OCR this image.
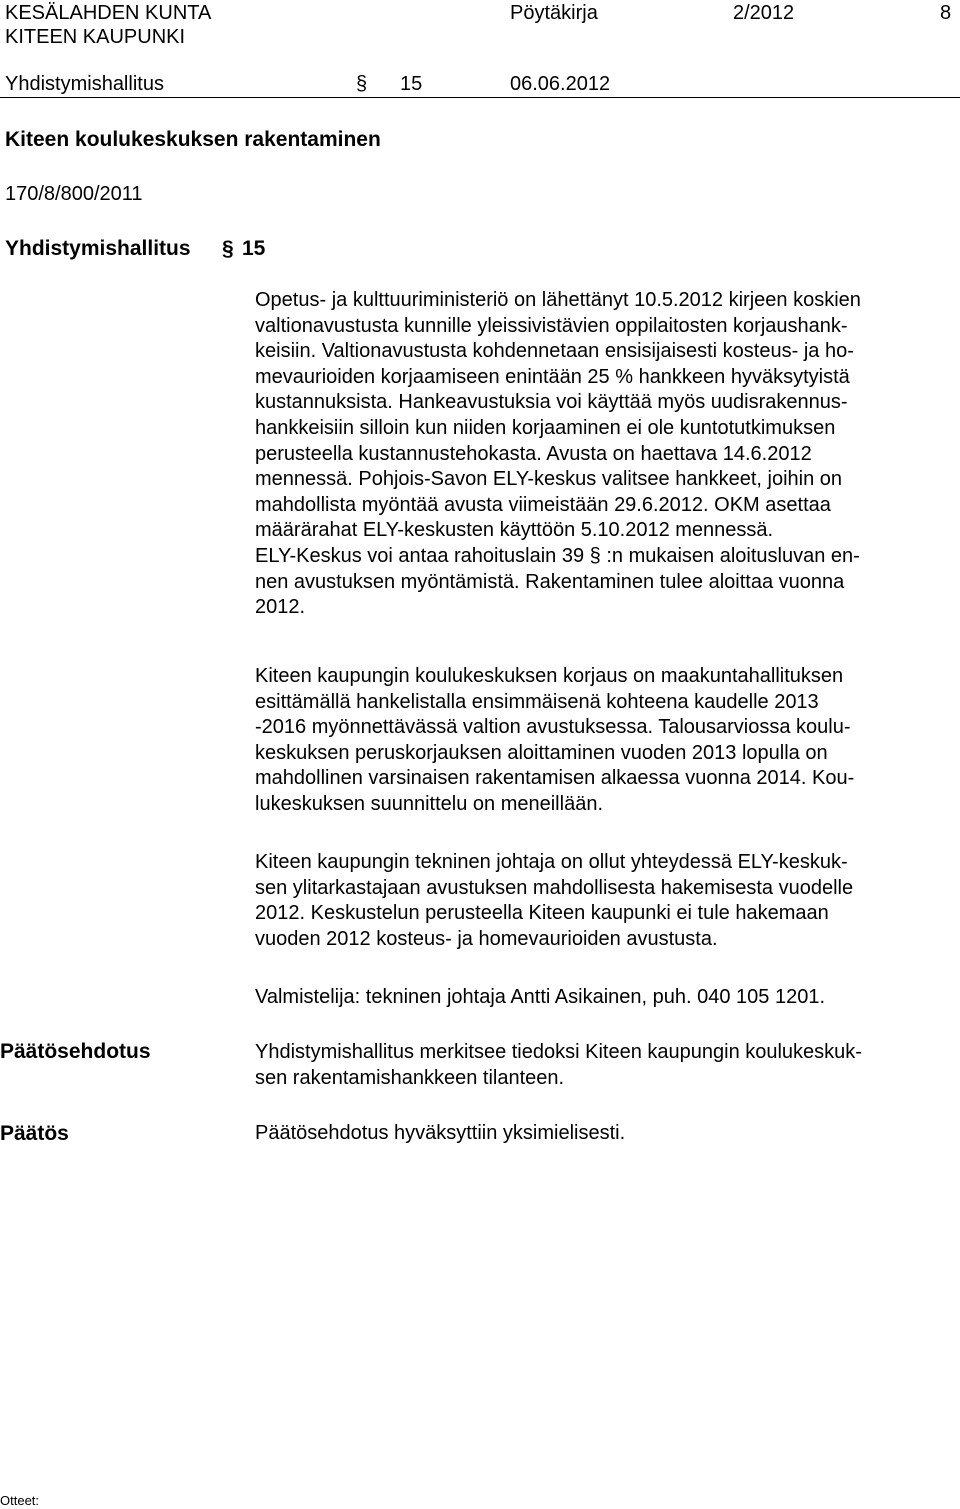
KESÄLAHDEN KUNTA
KITEEN KAUPUNKI
Pöytäkirja	2/2012	8
Yhdistymishallitus	§ 15	06.06.2012
Kiteen koulukeskuksen rakentaminen
170/8/800/2011
Yhdistymishallitus § 15
Opetus- ja kulttuuriministeriö on lähettänyt 10.5.2012 kirjeen koskien
valtionavustusta kunnille yleissivistävien oppilaitosten korjaushank-
keisiin. Valtionavustusta kohdennetaan ensisijaisesti kosteus- ja ho-
mevaurioiden korjaamiseen enintään 25 % hankkeen hyväksytyistä
kustannuksista. Hankeavustuksia voi käyttää myös uudisrakennus-
hankkeisiin silloin kun niiden korjaaminen ei ole kuntotutkimuksen
perusteella kustannustehokasta. Avusta on haettava 14.6.2012
mennessä. Pohjois-Savon ELY-keskus valitsee hankkeet, joihin on
mahdollista myöntää avusta viimeistään 29.6.2012. OKM asettaa
määrärahat ELY-keskusten käyttöön 5.10.2012 mennessä.
ELY-Keskus voi antaa rahoituslain 39 § :n mukaisen aloitusluvan en-
nen avustuksen myöntämistä. Rakentaminen tulee aloittaa vuonna
2012.
Kiteen kaupungin koulukeskuksen korjaus on maakuntahallituksen
esittämällä hankelistalla ensimmäisenä kohteena kaudelle 2013
-2016 myönnettävässä valtion avustuksessa. Talousarviossa koulu-
keskuksen peruskorjauksen aloittaminen vuoden 2013 lopulla on
mahdollinen varsinaisen rakentamisen alkaessa vuonna 2014. Kou-
lukeskuksen suunnittelu on meneillään.
Kiteen kaupungin tekninen johtaja on ollut yhteydessä ELY-keskuk-
sen ylitarkastajaan avustuksen mahdollisesta hakemisesta vuodelle
2012. Keskustelun perusteella Kiteen kaupunki ei tule hakemaan
vuoden 2012 kosteus- ja homevaurioiden avustusta.
Valmistelija: tekninen johtaja Antti Asikainen, puh. 040 105 1201.
Päätösehdotus	Yhdistymishallitus merkitsee tiedoksi Kiteen kaupungin koulukeskuk-
sen rakentamishankkeen tilanteen.
Päätös	Päätösehdotus hyväksyttiin yksimielisesti.
Otteet:
